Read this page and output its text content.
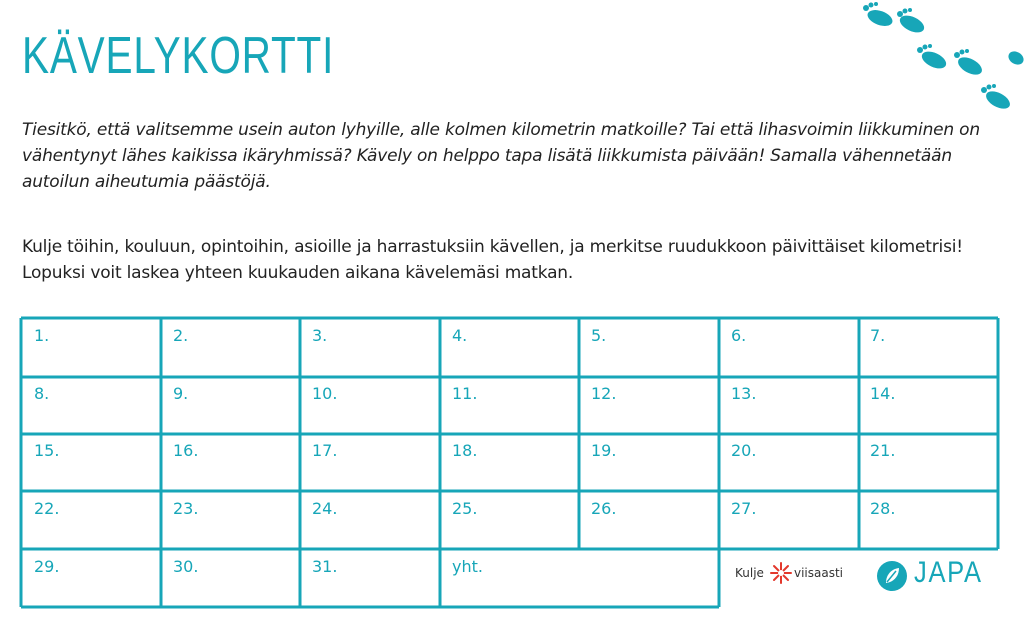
KÄVELYKORTTI

Tiesitkö, että valitsemme usein auton lyhyille, alle kolmen kilometrin matkoille? Tai että lihasvoimin liikkuminen on vähentynyt lähes kaikissa ikäryhmissä? Kävely on helppo tapa lisätä liikkumista päivään! Samalla vähennetään autoilun aiheutumia päästöjä.

Kulje töihin, kouluun, opintoihin, asioille ja harrastuksiin kävellen, ja merkitse ruudukkoon päivittäiset kilometrisi! Lopuksi voit laskea yhteen kuukauden aikana kävelemäsi matkan.

1.	2.	3.	4.	5.	6.	7.
8.	9.	10.	11.	12.	13.	14.
15.	16.	17.	18.	19.	20.	21.
22.	23.	24.	25.	26.	27.	28.
29.	30.	31.	yht.	Kulje	viisaasti JAPA
